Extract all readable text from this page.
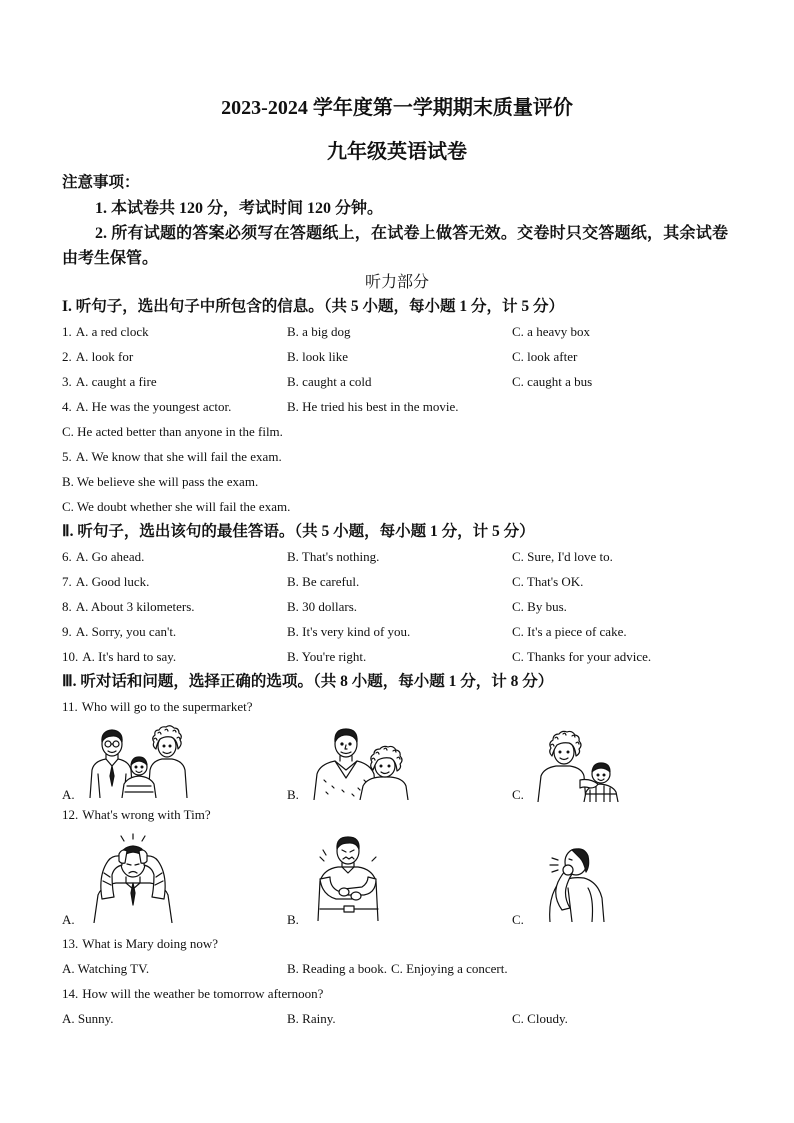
2023-2024 学年度第一学期期末质量评价
九年级英语试卷
注意事项：
1. 本试卷共 120 分，考试时间 120 分钟。
2. 所有试题的答案必须写在答题纸上，在试卷上做答无效。交卷时只交答题纸，其余试卷由考生保管。
听力部分
I. 听句子，选出句子中所包含的信息。（共 5 小题，每小题 1 分，计 5 分）
1. A. a red clock	B. a big dog	C. a heavy box
2. A. look for	B. look like	C. look after
3. A. caught a fire	B. caught a cold	C. caught a bus
4. A. He was the youngest actor.	B. He tried his best in the movie.
C. He acted better than anyone in the film.
5. A. We know that she will fail the exam.
B. We believe she will pass the exam.
C. We doubt whether she will fail the exam.
Ⅱ. 听句子，选出该句的最佳答语。（共 5 小题，每小题 1 分，计 5 分）
6. A. Go ahead.	B. That's nothing.	C. Sure, I'd love to.
7. A. Good luck.	B. Be careful.	C. That's OK.
8. A. About 3 kilometers.	B. 30 dollars.	C. By bus.
9. A. Sorry, you can't.	B. It's very kind of you.	C. It's a piece of cake.
10. A. It's hard to say.	B. You're right.	C. Thanks for your advice.
Ⅲ. 听对话和问题，选择正确的选项。（共 8 小题，每小题 1 分，计 8 分）
11. Who will go to the supermarket?
A.	B.	C.
12. What's wrong with Tim?
A.	B.	C.
13. What is Mary doing now?
A. Watching TV.	B. Reading a book. C. Enjoying a concert.
14. How will the weather be tomorrow afternoon?
A. Sunny.	B. Rainy.	C. Cloudy.
